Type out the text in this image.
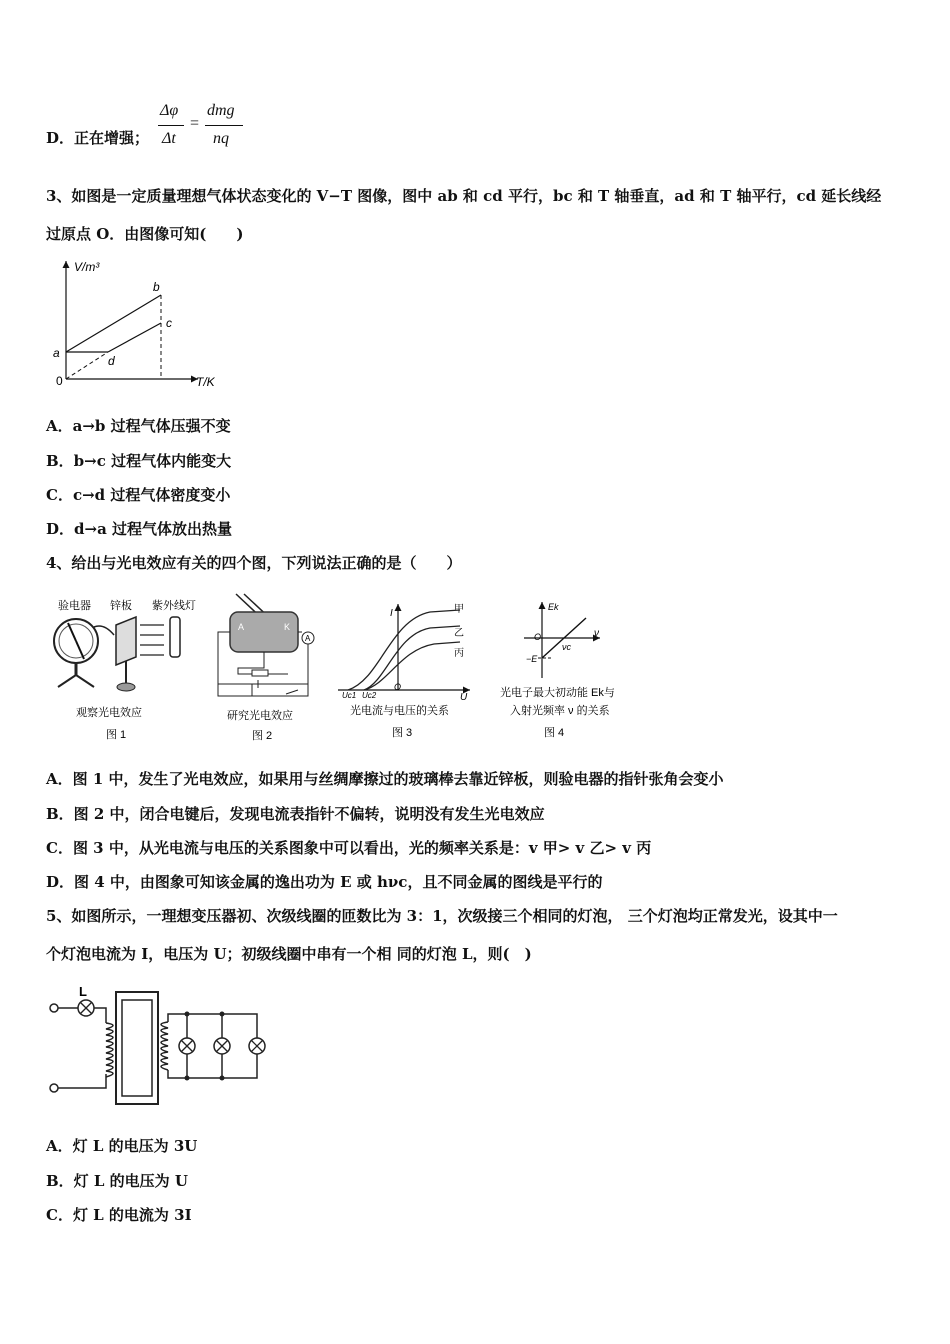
D．正在增强；
Δφ
Δt
=
dmg
nq
3、如图是一定质量理想气体状态变化的 V−T 图像，图中 ab 和 cd 平行，bc 和 T 轴垂直，ad 和 T 轴平行，cd 延长线经
过原点 O．由图像可知(　　)
V/m³
T/K
0
a
b
c
d
A．a→b 过程气体压强不变
B．b→c 过程气体内能变大
C．c→d 过程气体密度变小
D．d→a 过程气体放出热量
4、给出与光电效应有关的四个图，下列说法正确的是（　　）
验电器 锌板 紫外线灯
观察光电效应
图 1
A	K
A
研究光电效应
图 2
I
U
O
甲
乙
丙
Uc1 Uc2
光电流与电压的关系
图 3
Ek
ν
O
−E
νc
光电子最大初动能 Ek与
入射光频率 ν 的关系
图 4
A．图 1 中，发生了光电效应，如果用与丝绸摩擦过的玻璃棒去靠近锌板，则验电器的指针张角会变小
B．图 2 中，闭合电键后，发现电流表指针不偏转，说明没有发生光电效应
C．图 3 中，从光电流与电压的关系图象中可以看出，光的频率关系是：v 甲> v 乙> v 丙
D．图 4 中，由图象可知该金属的逸出功为 E 或 hνc，且不同金属的图线是平行的
5、如图所示，一理想变压器初、次级线圈的匝数比为 3：1，次级接三个相同的灯泡， 三个灯泡均正常发光，设其中一
个灯泡电流为 I，电压为 U；初级线圈中串有一个相 同的灯泡 L，则(　)
L
A．灯 L 的电压为 3U
B．灯 L 的电压为 U
C．灯 L 的电流为 3I
